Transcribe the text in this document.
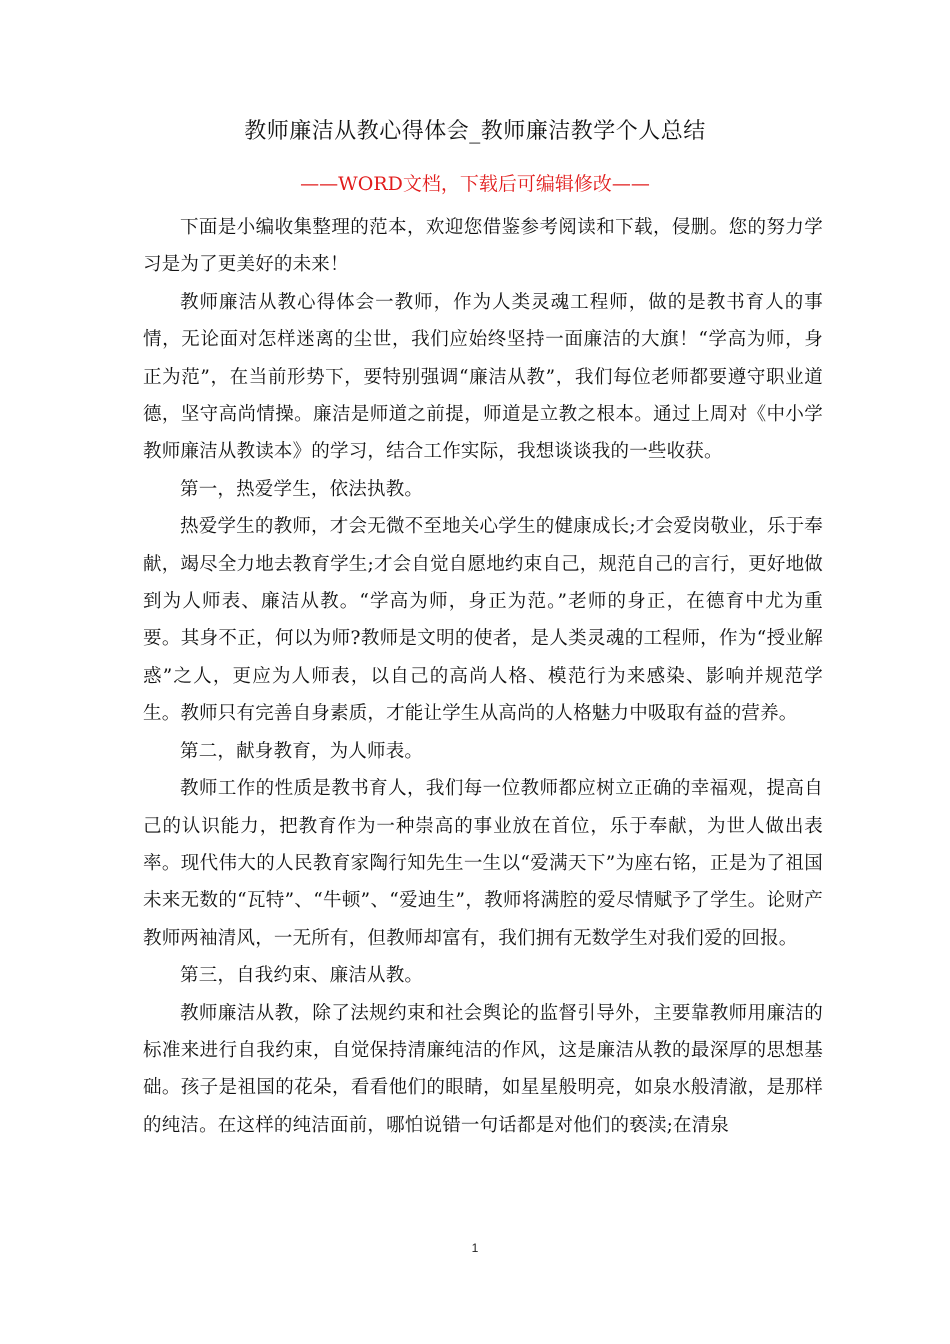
教师廉洁从教心得体会_教师廉洁教学个人总结
——WORD文档，下载后可编辑修改——

下面是小编收集整理的范本，欢迎您借鉴参考阅读和下载，侵删。您的努力学习是为了更美好的未来！

教师廉洁从教心得体会一教师，作为人类灵魂工程师，做的是教书育人的事情，无论面对怎样迷离的尘世，我们应始终坚持一面廉洁的大旗！“学高为师，身正为范”，在当前形势下，要特别强调“廉洁从教”，我们每位老师都要遵守职业道德，坚守高尚情操。廉洁是师道之前提，师道是立教之根本。通过上周对《中小学教师廉洁从教读本》的学习，结合工作实际，我想谈谈我的一些收获。

第一，热爱学生，依法执教。

热爱学生的教师，才会无微不至地关心学生的健康成长;才会爱岗敬业，乐于奉献，竭尽全力地去教育学生;才会自觉自愿地约束自己，规范自己的言行，更好地做到为人师表、廉洁从教。“学高为师，身正为范。”老师的身正，在德育中尤为重要。其身不正，何以为师?教师是文明的使者，是人类灵魂的工程师，作为“授业解惑”之人，更应为人师表，以自己的高尚人格、模范行为来感染、影响并规范学生。教师只有完善自身素质，才能让学生从高尚的人格魅力中吸取有益的营养。

第二，献身教育，为人师表。

教师工作的性质是教书育人，我们每一位教师都应树立正确的幸福观，提高自己的认识能力，把教育作为一种崇高的事业放在首位，乐于奉献，为世人做出表率。现代伟大的人民教育家陶行知先生一生以“爱满天下”为座右铭，正是为了祖国未来无数的“瓦特”、“牛顿”、“爱迪生”，教师将满腔的爱尽情赋予了学生。论财产教师两袖清风，一无所有，但教师却富有，我们拥有无数学生对我们爱的回报。

第三，自我约束、廉洁从教。

教师廉洁从教，除了法规约束和社会舆论的监督引导外，主要靠教师用廉洁的标准来进行自我约束，自觉保持清廉纯洁的作风，这是廉洁从教的最深厚的思想基础。孩子是祖国的花朵，看看他们的眼睛，如星星般明亮，如泉水般清澈，是那样的纯洁。在这样的纯洁面前，哪怕说错一句话都是对他们的亵渎;在清泉

1
